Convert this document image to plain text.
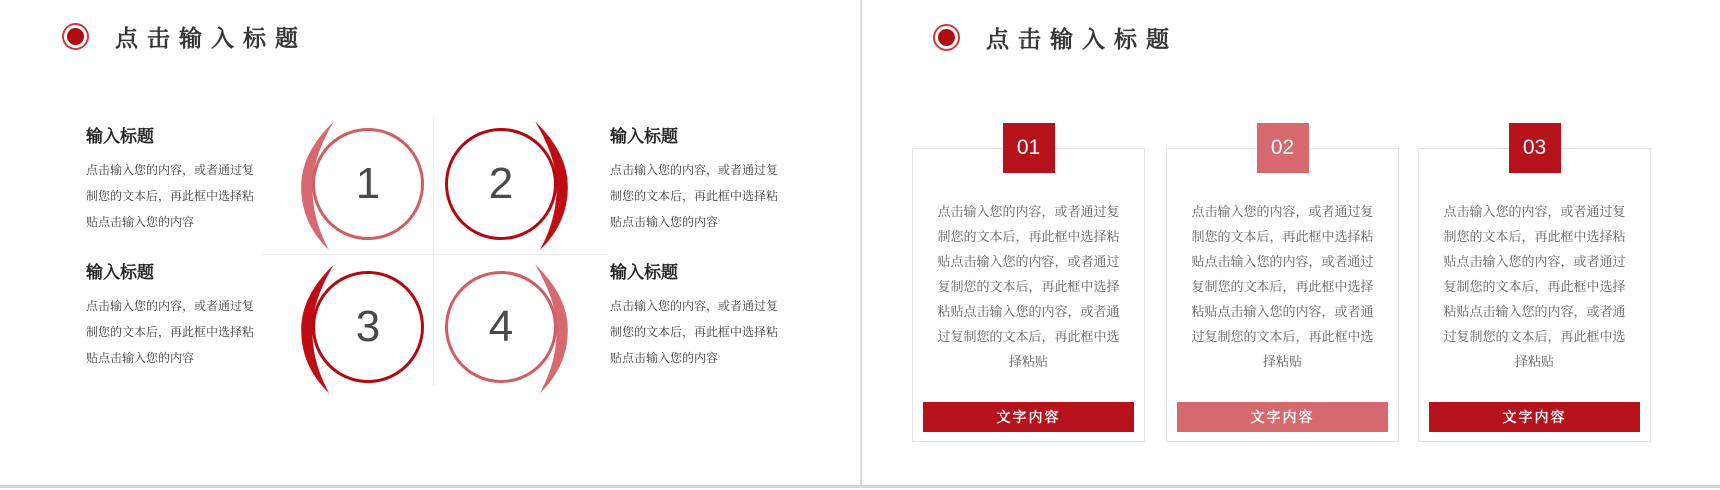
点击输入标题
输入标题
点击输入您的内容，或者通过复制您的文本后，再此框中选择粘贴点击输入您的内容
输入标题
点击输入您的内容，或者通过复制您的文本后，再此框中选择粘贴点击输入您的内容
输入标题
点击输入您的内容，或者通过复制您的文本后，再此框中选择粘贴点击输入您的内容
输入标题
点击输入您的内容，或者通过复制您的文本后，再此框中选择粘贴点击输入您的内容
1 2
3 4
点击输入标题
01
点击输入您的内容，或者通过复制您的文本后，再此框中选择粘贴点击输入您的内容，或者通过复制您的文本后，再此框中选择粘贴点击输入您的内容，或者通过复制您的文本后，再此框中选择粘贴
文字内容
02
点击输入您的内容，或者通过复制您的文本后，再此框中选择粘贴点击输入您的内容，或者通过复制您的文本后，再此框中选择粘贴点击输入您的内容，或者通过复制您的文本后，再此框中选择粘贴
文字内容
03
点击输入您的内容，或者通过复制您的文本后，再此框中选择粘贴点击输入您的内容，或者通过复制您的文本后，再此框中选择粘贴点击输入您的内容，或者通过复制您的文本后，再此框中选择粘贴
文字内容
